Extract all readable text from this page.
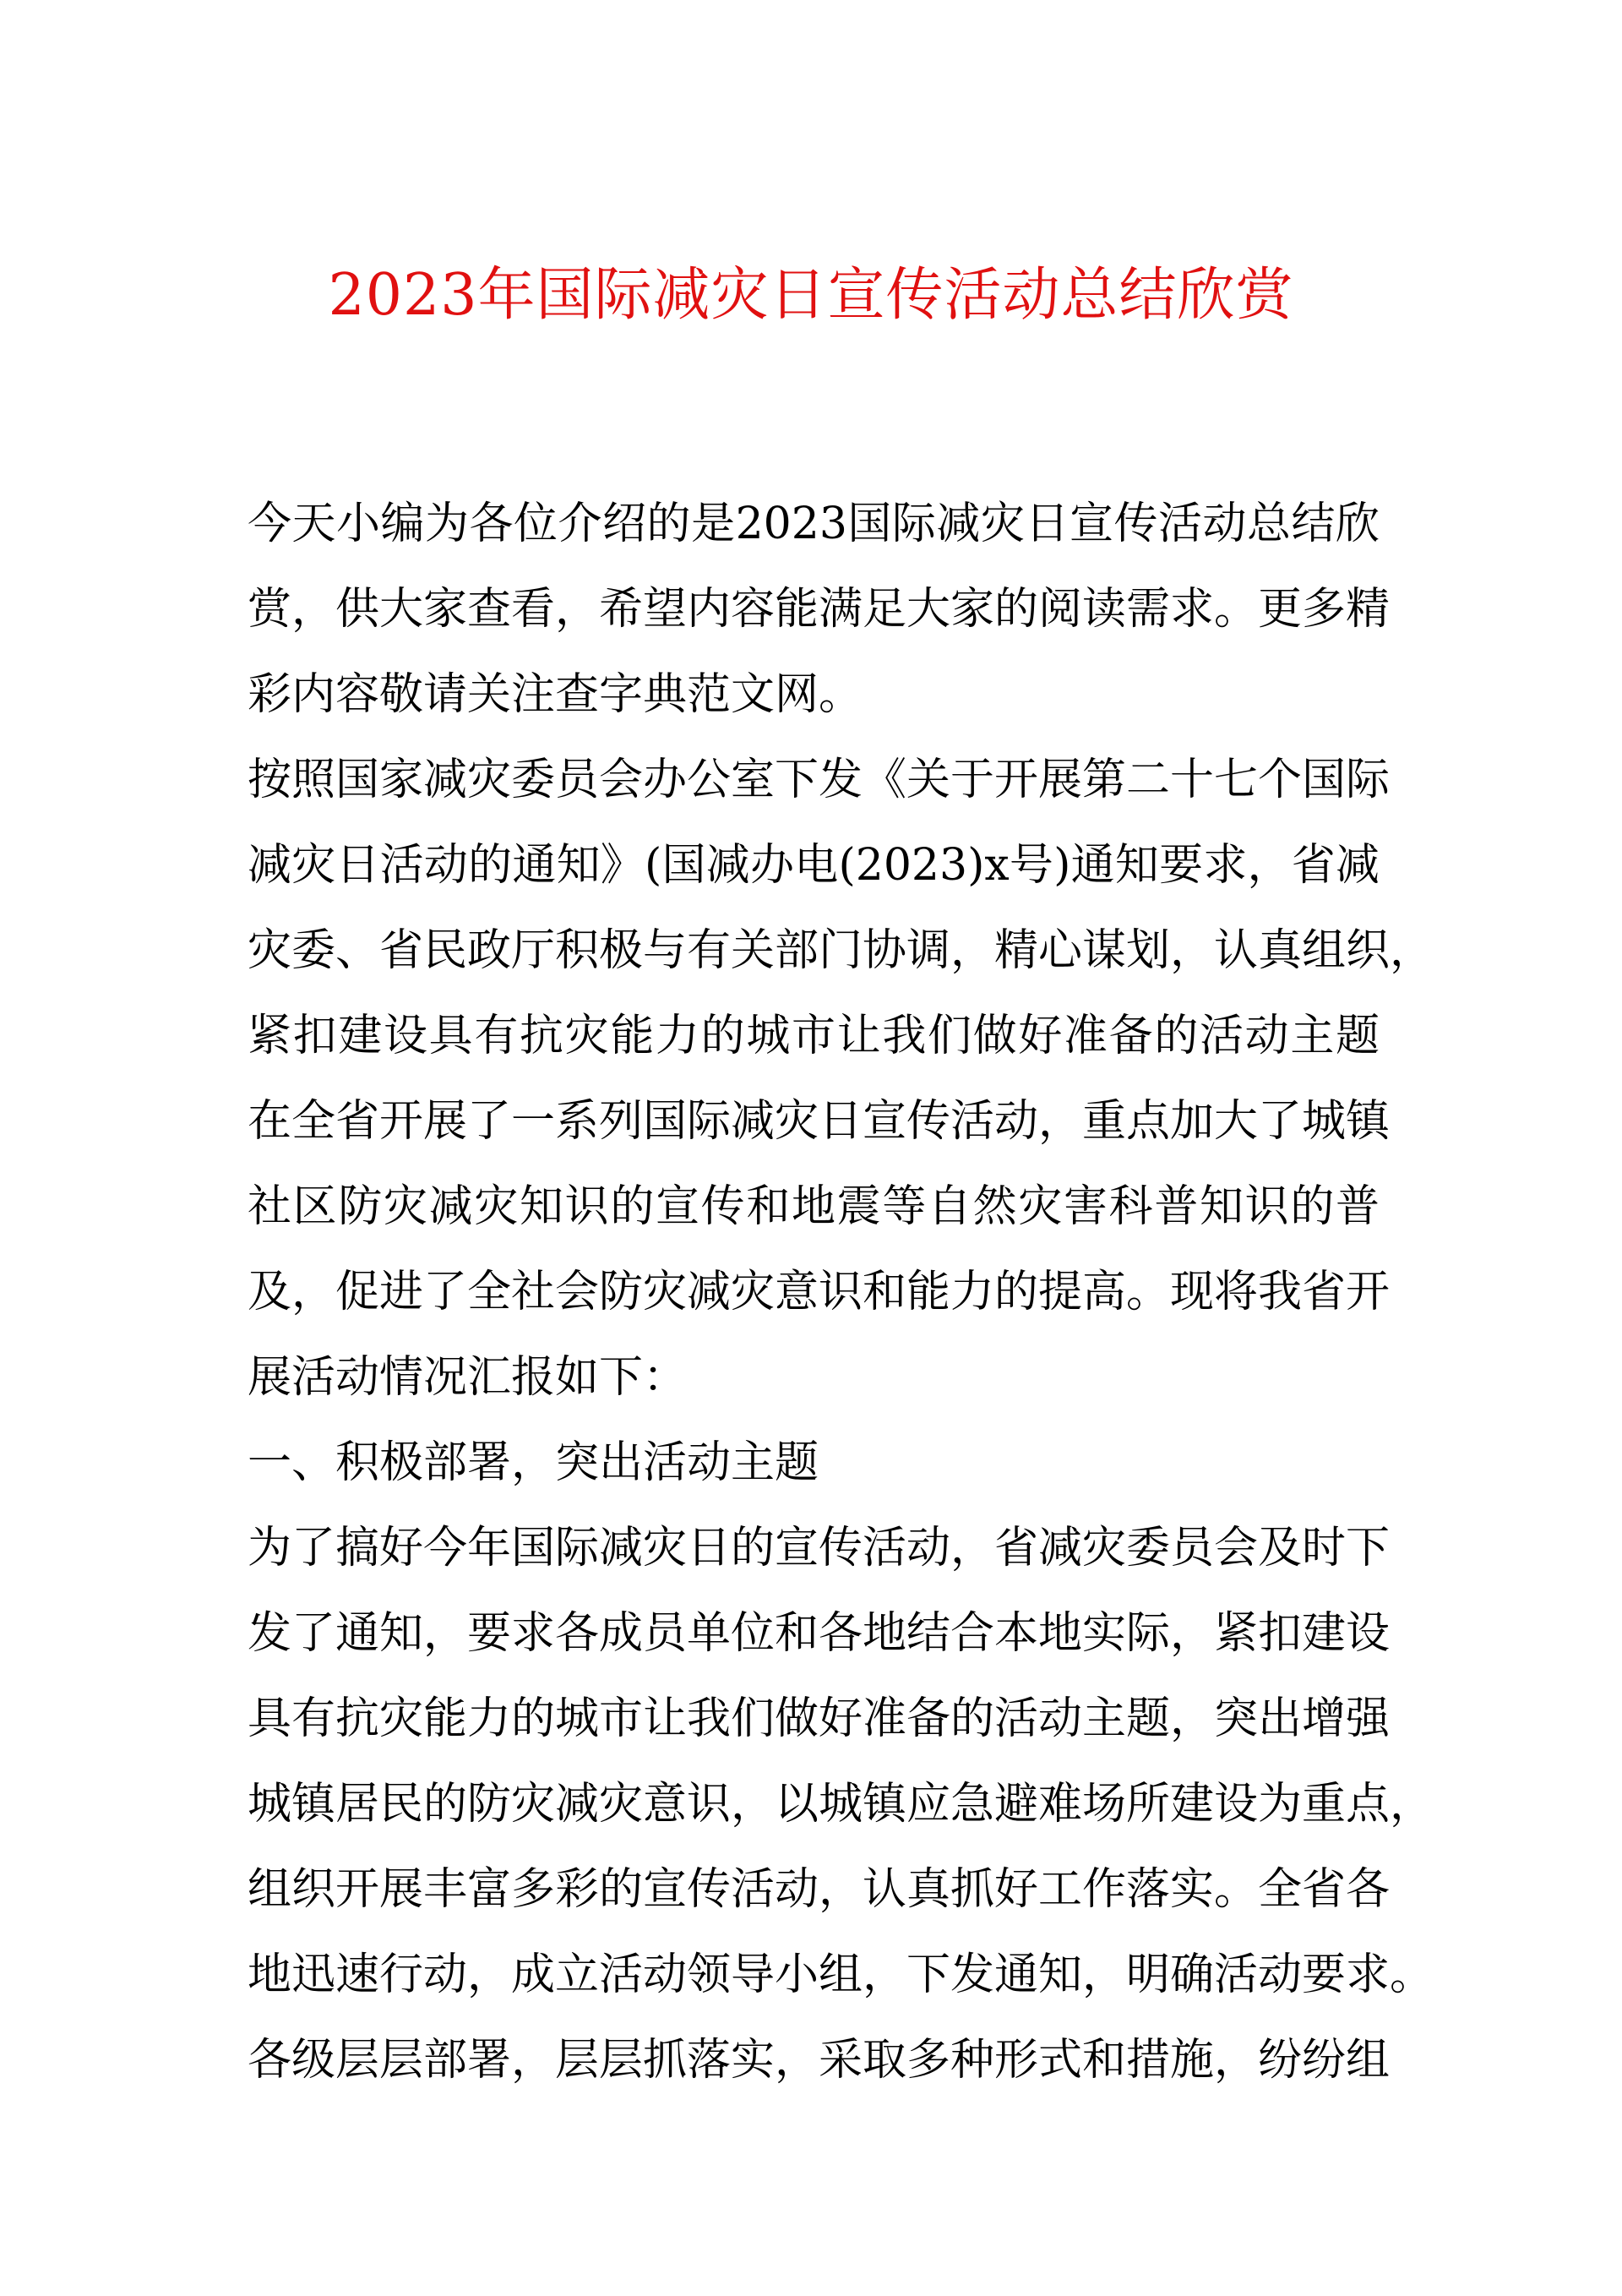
2023年国际减灾日宣传活动总结欣赏
今天小编为各位介绍的是2023国际减灾日宣传活动总结欣
赏，供大家查看，希望内容能满足大家的阅读需求。更多精
彩内容敬请关注查字典范文网。
按照国家减灾委员会办公室下发《关于开展第二十七个国际
减灾日活动的通知》(国减办电(2023)x号)通知要求，省减
灾委、省民政厅积极与有关部门协调，精心谋划，认真组织，
紧扣建设具有抗灾能力的城市让我们做好准备的活动主题
在全省开展了一系列国际减灾日宣传活动，重点加大了城镇
社区防灾减灾知识的宣传和地震等自然灾害科普知识的普
及，促进了全社会防灾减灾意识和能力的提高。现将我省开
展活动情况汇报如下：
一、积极部署，突出活动主题
为了搞好今年国际减灾日的宣传活动，省减灾委员会及时下
发了通知，要求各成员单位和各地结合本地实际，紧扣建设
具有抗灾能力的城市让我们做好准备的活动主题，突出增强
城镇居民的防灾减灾意识，以城镇应急避难场所建设为重点，
组织开展丰富多彩的宣传活动，认真抓好工作落实。全省各
地迅速行动，成立活动领导小组，下发通知，明确活动要求。
各级层层部署，层层抓落实，采取多种形式和措施，纷纷组
